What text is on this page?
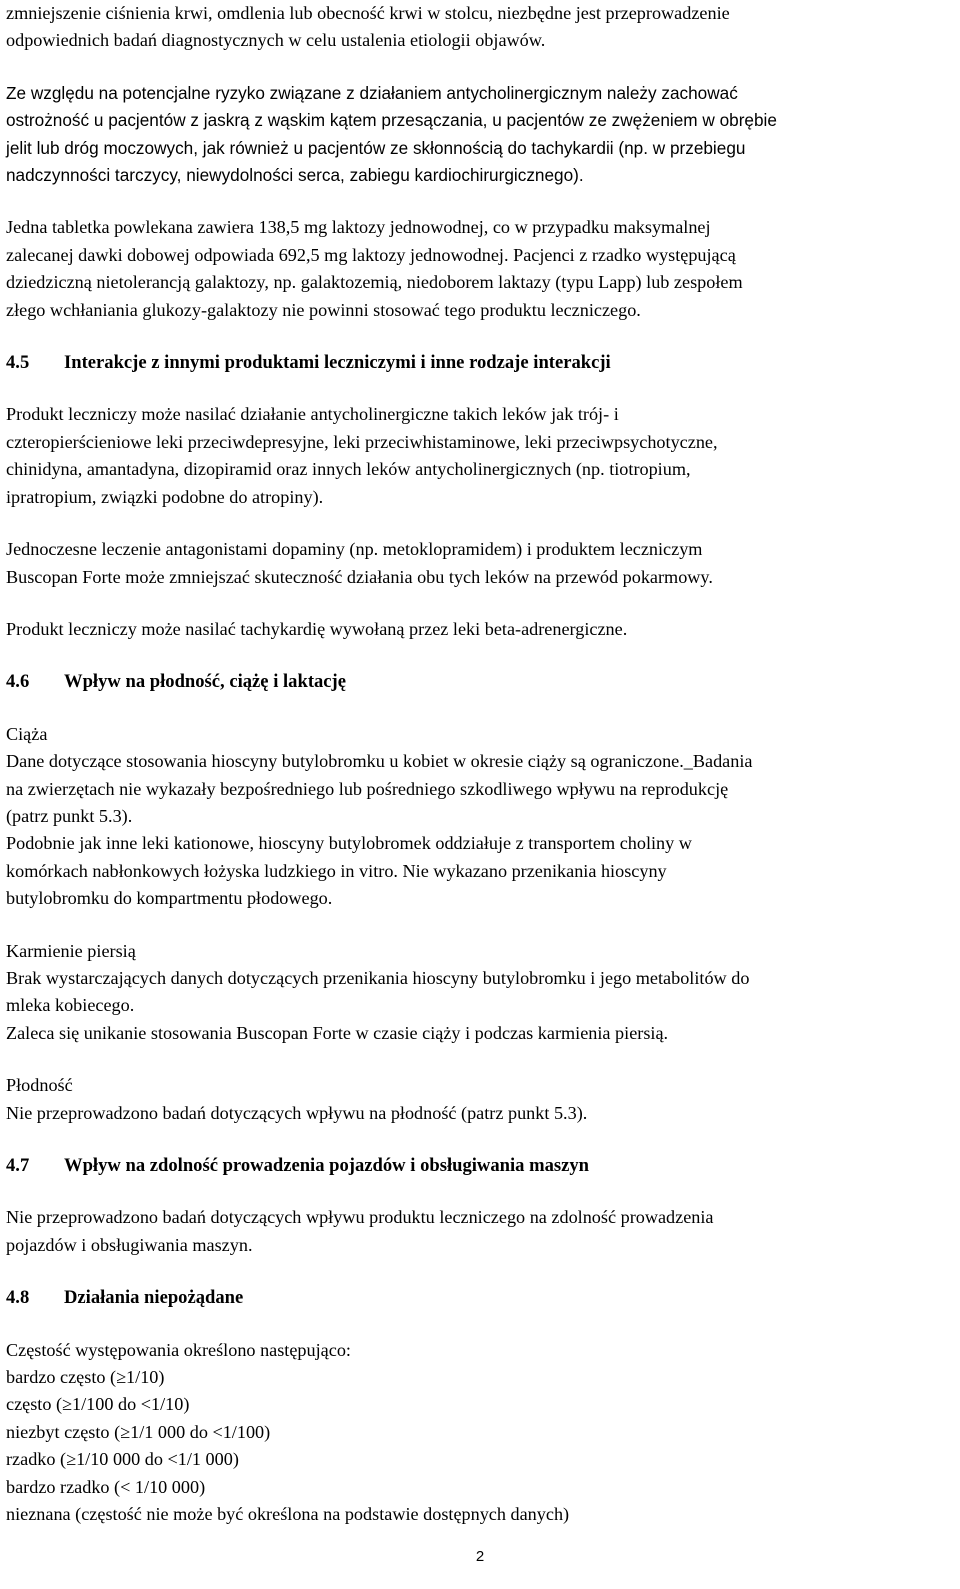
zmniejszenie ciśnienia krwi, omdlenia lub obecność krwi w stolcu, niezbędne jest przeprowadzenie
odpowiednich badań diagnostycznych w celu ustalenia etiologii objawów.

Ze względu na potencjalne ryzyko związane z działaniem antycholinergicznym należy zachować
ostrożność u pacjentów z jaskrą z wąskim kątem przesączania, u pacjentów ze zwężeniem w obrębie
jelit lub dróg moczowych, jak również u pacjentów ze skłonnością do tachykardii (np. w przebiegu
nadczynności tarczycy, niewydolności serca, zabiegu kardiochirurgicznego).

Jedna tabletka powlekana zawiera 138,5 mg laktozy jednowodnej, co w przypadku maksymalnej
zalecanej dawki dobowej odpowiada 692,5 mg laktozy jednowodnej. Pacjenci z rzadko występującą
dziedziczną nietolerancją galaktozy, np. galaktozemią, niedoborem laktazy (typu Lapp) lub zespołem
złego wchłaniania glukozy-galaktozy nie powinni stosować tego produktu leczniczego.

4.5 Interakcje z innymi produktami leczniczymi i inne rodzaje interakcji

Produkt leczniczy może nasilać działanie antycholinergiczne takich leków jak trój- i
czteropierścieniowe leki przeciwdepresyjne, leki przeciwhistaminowe, leki przeciwpsychotyczne,
chinidyna, amantadyna, dizopiramid oraz innych leków antycholinergicznych (np. tiotropium,
ipratropium, związki podobne do atropiny).

Jednoczesne leczenie antagonistami dopaminy (np. metoklopramidem) i produktem leczniczym
Buscopan Forte może zmniejszać skuteczność działania obu tych leków na przewód pokarmowy.

Produkt leczniczy może nasilać tachykardię wywołaną przez leki beta-adrenergiczne.

4.6 Wpływ na płodność, ciążę i laktację

Ciąża
Dane dotyczące stosowania hioscyny butylobromku u kobiet w okresie ciąży są ograniczone._Badania
na zwierzętach nie wykazały bezpośredniego lub pośredniego szkodliwego wpływu na reprodukcję
(patrz punkt 5.3).
Podobnie jak inne leki kationowe, hioscyny butylobromek oddziałuje z transportem choliny w
komórkach nabłonkowych łożyska ludzkiego in vitro. Nie wykazano przenikania hioscyny
butylobromku do kompartmentu płodowego.

Karmienie piersią
Brak wystarczających danych dotyczących przenikania hioscyny butylobromku i jego metabolitów do
mleka kobiecego.
Zaleca się unikanie stosowania Buscopan Forte w czasie ciąży i podczas karmienia piersią.

Płodność
Nie przeprowadzono badań dotyczących wpływu na płodność (patrz punkt 5.3).

4.7 Wpływ na zdolność prowadzenia pojazdów i obsługiwania maszyn

Nie przeprowadzono badań dotyczących wpływu produktu leczniczego na zdolność prowadzenia
pojazdów i obsługiwania maszyn.

4.8 Działania niepożądane

Częstość występowania określono następująco:
bardzo często (≥1/10)
często (≥1/100 do <1/10)
niezbyt często (≥1/1 000 do <1/100)
rzadko (≥1/10 000 do <1/1 000)
bardzo rzadko (< 1/10 000)
nieznana (częstość nie może być określona na podstawie dostępnych danych)

2
